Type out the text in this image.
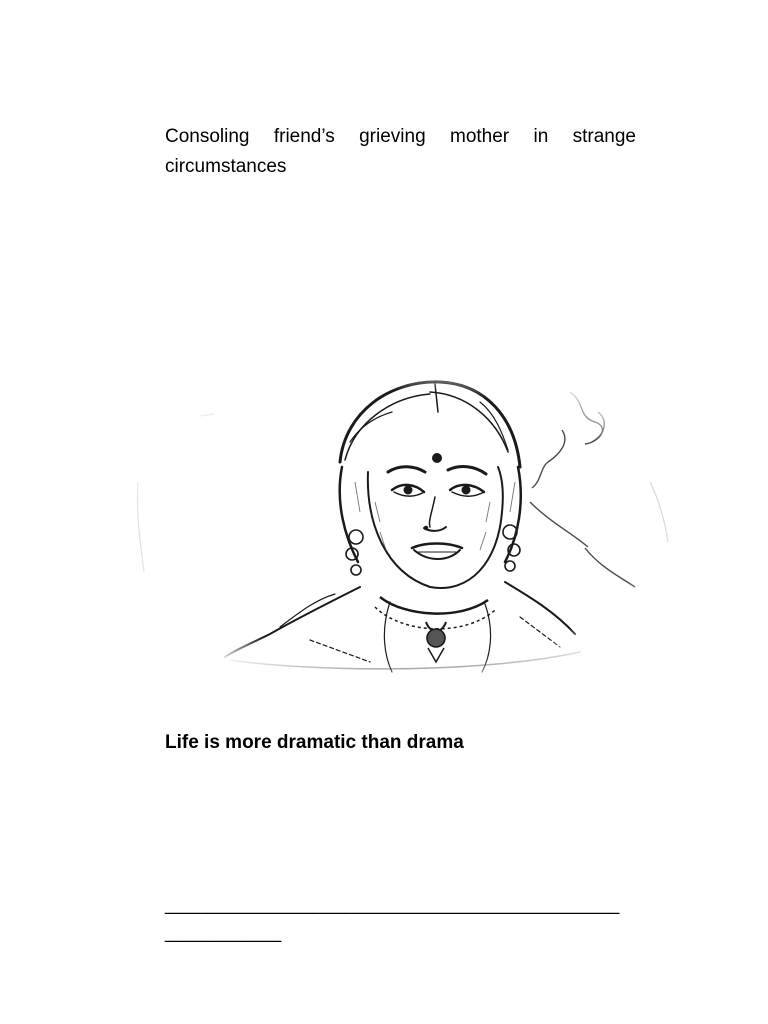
Consoling friend’s grieving mother in strange circumstances

Life is more dramatic than drama

______________________________________________________
